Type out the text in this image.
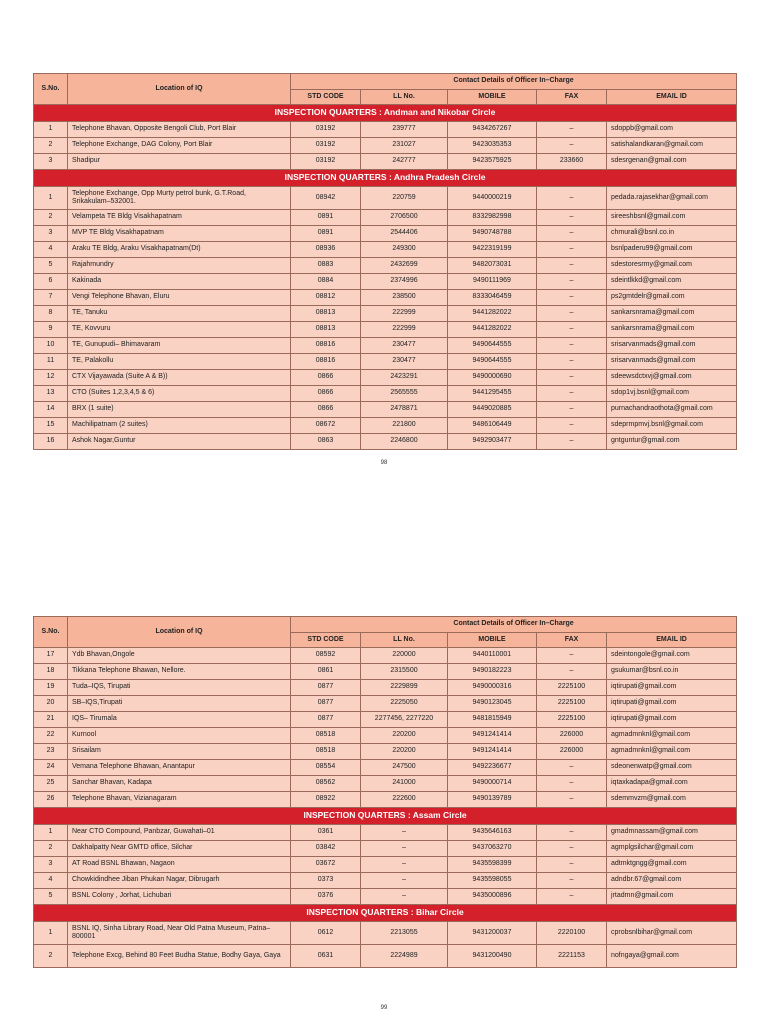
S.No.	Location of IQ	Contact Details of Officer In–Charge				
		STD CODE	LL No.	MOBILE	FAX	EMAIL ID
INSPECTION QUARTERS : Andman and Nikobar Circle						
1	Telephone Bhavan, Opposite Bengoli Club, Port Blair	03192	239777	9434267267	–	sdoppb@gmail.com
2	Telephone Exchange, DAG Colony, Port Blair	03192	231027	9423035353	–	satishalandkaran@gmail.com
3	Shadipur	03192	242777	9423575925	233660	sdesrgenan@gmail.com
INSPECTION QUARTERS : Andhra Pradesh Circle						
1	Telephone Exchange, Opp Murty petrol bunk, G.T.Road, Srikakulam–532001.	08942	220759	9440000219	–	pedada.rajasekhar@gmail.com
2	Velampeta TE Bldg Visakhapatnam	0891	2706500	8332982998	–	sireeshbsnl@gmail.com
3	MVP TE Bldg Visakhapatnam	0891	2544406	9490748788	–	chmurali@bsnl.co.in
4	Araku TE Bldg, Araku Visakhapatnam(Dt)	08936	249300	9422319199	–	bsnlpaderu99@gmail.com
5	Rajahmundry	0883	2432699	9482073031	–	sdestoresrmy@gmail.com
6	Kakinada	0884	2374996	9490111969	–	sdeintlkkd@gmail.com
7	Vengi Telephone Bhavan, Eluru	08812	238500	8333046459	–	ps2gmtdelr@gmail.com
8	TE, Tanuku	08813	222999	9441282022	–	sankarsnrama@gmail.com
9	TE, Kovvuru	08813	222999	9441282022	–	sankarsnrama@gmail.com
10	TE, Gunupudi– Bhimavaram	08816	230477	9490644555	–	srisarvanmads@gmail.com
11	TE, Palakollu	08816	230477	9490644555	–	srisarvanmads@gmail.com
12	CTX Vijayawada (Suite A & B))	0866	2423291	9490000690	–	sdeewsdctxvj@gmail.com
13	CTO (Suites 1,2,3,4,5 & 6)	0866	2565555	9441295455	–	sdop1vj.bsnl@gmail.com
14	BRX (1 suite)	0866	2478871	9449020885	–	purnachandraothota@gmail.com
15	Machilipatnam (2 suites)	08672	221800	9486106449	–	sdeprmpmvj.bsnl@gmail.com
16	Ashok Nagar,Guntur	0863	2246800	9492903477	–	gntguntur@gmail.com
98
S.No.	Location of IQ	Contact Details of Officer In–Charge				
		STD CODE	LL No.	MOBILE	FAX	EMAIL ID
17	Ydb Bhavan,Ongole	08592	220000	9440110001	–	sdeintongole@gmail.com
18	Tikkana Telephone Bhawan, Nellore.	0861	2315500	9490182223	–	gsukumar@bsnl.co.in
19	Tuda–IQS, Tirupati	0877	2229899	9490000316	2225100	iqtirupati@gmail.com
20	SB–IQS,Tirupati	0877	2225050	9490123045	2225100	iqtirupati@gmail.com
21	IQS– Tirumala	0877	2277456, 2277220	9481815949	2225100	iqtirupati@gmail.com
22	Kurnool	08518	220200	9491241414	226000	agmadmnknl@gmail.com
23	Srisailam	08518	220200	9491241414	226000	agmadmnknl@gmail.com
24	Vemana Telephone Bhawan, Anantapur	08554	247500	9492236677	–	sdeonenwatp@gmail.com
25	Sanchar Bhavan, Kadapa	08562	241000	9490000714	–	iqtaxkadapa@gmail.com
26	Telephone Bhavan, Vizianagaram	08922	222600	9490139789	–	sdemmvzm@gmail.com
INSPECTION QUARTERS : Assam Circle						
1	Near CTO Compound, Panbzar, Guwahati–01	0361	–	9435646163	–	gmadmnassam@gmail.com
2	Dakhalpatty Near GMTD office, Silchar	03842	–	9437063270	–	agmplgsilchar@gmail.com
3	AT Road BSNL Bhawan, Nagaon	03672	–	9435598399	–	adtmktgngg@gmail.com
4	Chowkidindhee Jiban Phukan Nagar, Dibrugarh	0373	–	9435598055	–	adndbr.67@gmail.com
5	BSNL Colony , Jorhat, Lichubari	0376	–	9435000896	–	jrtadmn@gmail.com
INSPECTION QUARTERS : Bihar Circle						
1	BSNL IQ, Sinha Library Road, Near Old Patna Museum, Patna–800001	0612	2213055	9431200037	2220100	cprobsnlbihar@gmail.com
2	Telephone Excg, Behind 80 Feet Budha Statue, Bodhy Gaya, Gaya	0631	2224989	9431200490	2221153	nofngaya@gmail.com
99
